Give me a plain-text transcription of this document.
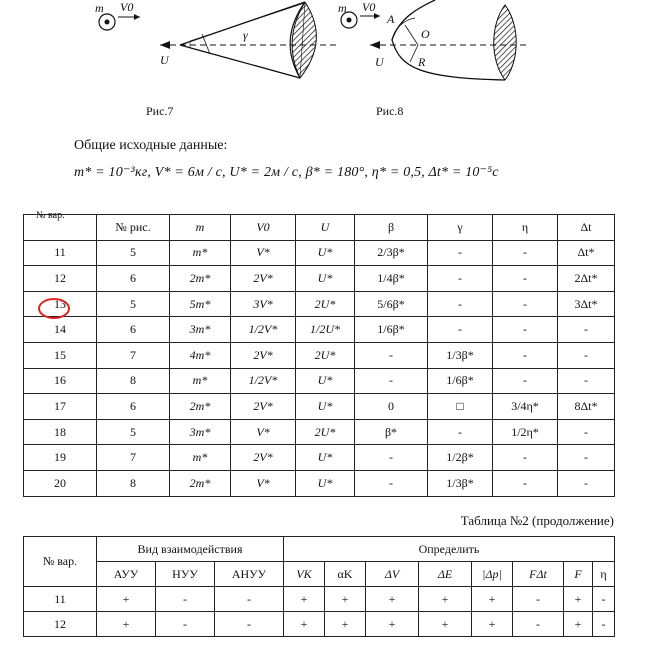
m V0
U
γ
Рис.7
m V0
A
O
U	R
Рис.8
Общие исходные данные:
m* = 10⁻³кг, V* = 6м / с, U* = 2м / с, β* = 180°, η* = 0,5, Δt* = 10⁻⁵с
№ вар.
	№ рис.	m	V0	U	β	γ	η	Δt
11	5	m*	V*	U*	2/3β*	-	-	Δt*
12	6	2m*	2V*	U*	1/4β*	-	-	2Δt*
13	5	5m*	3V*	2U*	5/6β*	-	-	3Δt*
14	6	3m*	1/2V*	1/2U*	1/6β*	-	-	-
15	7	4m*	2V*	2U*	-	1/3β*	-	-
16	8	m*	1/2V*	U*	-	1/6β*	-	-
17	6	2m*	2V*	U*	0	□	3/4η*	8Δt*
18	5	3m*	V*	2U*	β*	-	1/2η*	-
19	7	m*	2V*	U*	-	1/2β*	-	-
20	8	2m*	V*	U*	-	1/3β*	-	-
Таблица №2 (продолжение)
№ вар.	Вид взаимодействия			Определить							
	АУУ	НУУ	АНУУ	VK	αK	ΔV	ΔE	|Δp|	FΔt	F	η
11	+	-	-	+	+	+	+	+	-	+	-
12	+	-	-	+	+	+	+	+	-	+	-
